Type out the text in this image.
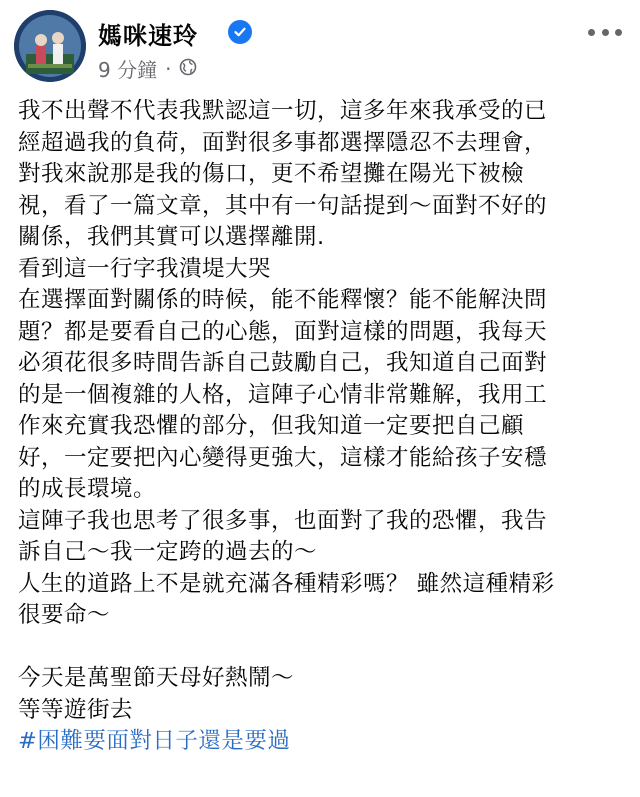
媽咪速玲
9 分鐘 ·

我不出聲不代表我默認這一切，這多年來我承受的已

經超過我的負荷，面對很多事都選擇隱忍不去理會，

對我來說那是我的傷口，更不希望攤在陽光下被檢

視，看了一篇文章，其中有一句話提到～面對不好的

關係，我們其實可以選擇離開.

看到這一行字我潰堤大哭

在選擇面對關係的時候，能不能釋懷？能不能解決問

題？都是要看自己的心態，面對這樣的問題，我每天

必須花很多時間告訴自己鼓勵自己，我知道自己面對

的是一個複雜的人格，這陣子心情非常難解，我用工

作來充實我恐懼的部分，但我知道一定要把自己顧

好，一定要把內心變得更強大，這樣才能給孩子安穩

的成長環境。

這陣子我也思考了很多事，也面對了我的恐懼，我告

訴自己～我一定跨的過去的～

人生的道路上不是就充滿各種精彩嗎？ 雖然這種精彩

很要命～

今天是萬聖節天母好熱鬧～

等等遊街去

#困難要面對日子還是要過
